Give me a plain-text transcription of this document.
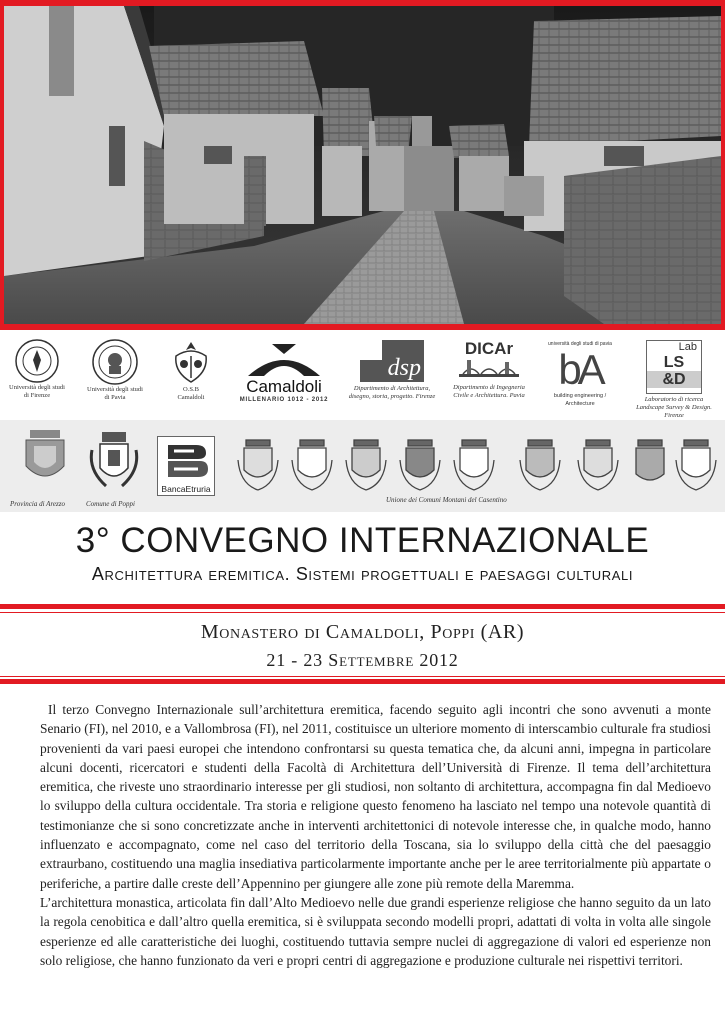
Università degli studi
di Firenze
Università degli studi
di Pavia
O.S.B
Camaldoli
Camaldoli
MILLENARIO 1012 - 2012
dsp
Dipartimento di Architettura,
disegno, storia, progetto. Firenze
DICAr
Dipartimento di Ingegneria
Civile e Architettura. Pavia
università degli studi di pavia
bA
building engineering / Architecture
Lab
LS
&D
Laboratorio di ricerca
Landscape Survey & Design. Firenze
Provincia di Arezzo	Comune di Poppi
BancaEtruria
Unione dei Comuni Montani del Casentino
3° CONVEGNO INTERNAZIONALE
Architettura eremitica. Sistemi progettuali e paesaggi culturali
Monastero di Camaldoli, Poppi (AR)
21 - 23 Settembre 2012

Il terzo Convegno Internazionale sull’architettura eremitica, facendo seguito agli incontri che sono avvenuti a monte Senario (FI), nel 2010, e a Vallombrosa (FI), nel 2011, costituisce un ulteriore momento di interscambio culturale fra studiosi provenienti da vari paesi europei che intendono confrontarsi su questa tematica che, da alcuni anni, impegna in particolare alcuni docenti, ricercatori e studenti della Facoltà di Architettura dell’Università di Firenze. Il tema dell’architettura eremitica, che riveste uno straordinario interesse per gli studiosi, non soltanto di architettura, accompagna fin dal Medioevo lo sviluppo della cultura occidentale. Tra storia e religione questo fenomeno ha lasciato nel tempo una notevole quantità di testimonianze che si sono concretizzate anche in interventi architettonici di notevole interesse che, in qualche modo, hanno influenzato e accompagnato, come nel caso del territorio della Toscana, sia lo sviluppo della città che del paesaggio extraurbano, costituendo una maglia insediativa particolarmente importante anche per le aree territorialmente più appartate o periferiche, a partire dalle creste dell’Appennino per giungere alle zone più remote della Maremma.

L’architettura monastica, articolata fin dall’Alto Medioevo nelle due grandi esperienze religiose che hanno seguito da un lato la regola cenobitica e dall’altro quella eremitica, si è sviluppata secondo modelli propri, adattati di volta in volta alle singole esperienze ed alle caratteristiche dei luoghi, costituendo tuttavia sempre nuclei di aggregazione di valori ed esperienze non solo religiose, che hanno funzionato da veri e propri centri di aggregazione e produzione culturale nei rispettivi territori.
